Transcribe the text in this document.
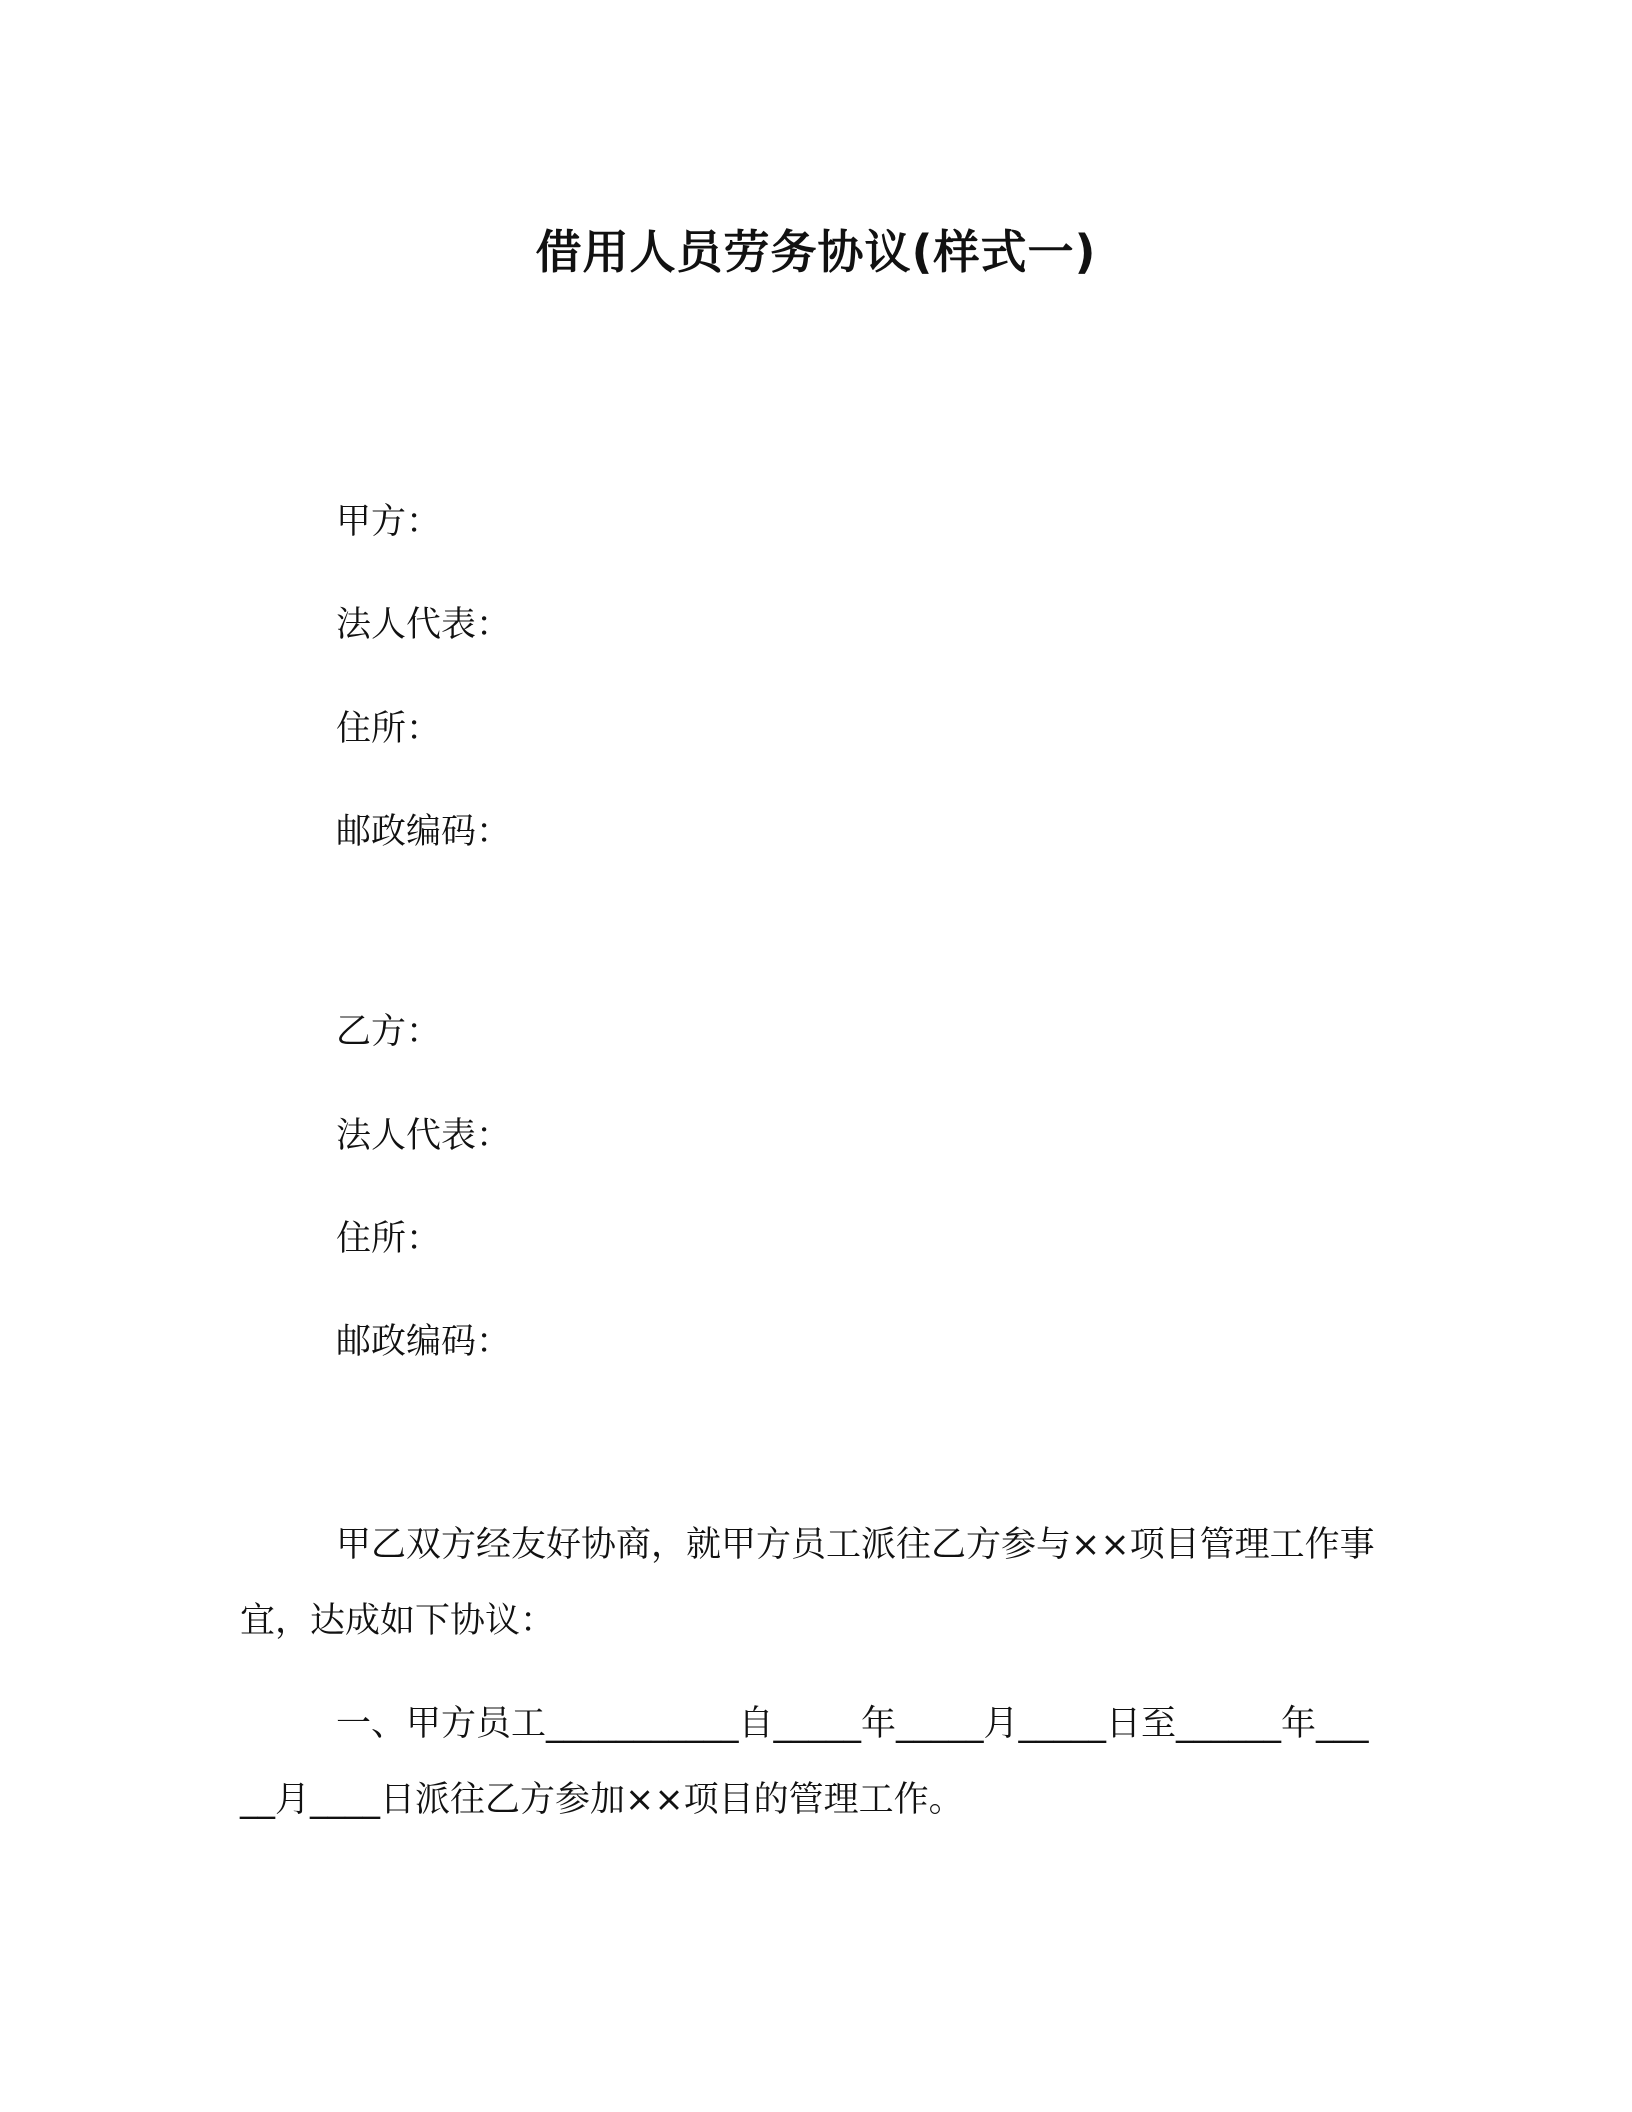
借用人员劳务协议(样式一)
甲方：
法人代表：
住所：
邮政编码：
乙方：
法人代表：
住所：
邮政编码：

甲乙双方经友好协商，就甲方员工派往乙方参与××项目管理工作事宜，达成如下协议：

一、甲方员工___________自_____年_____月_____日至______年_____月____日派往乙方参加××项目的管理工作。
